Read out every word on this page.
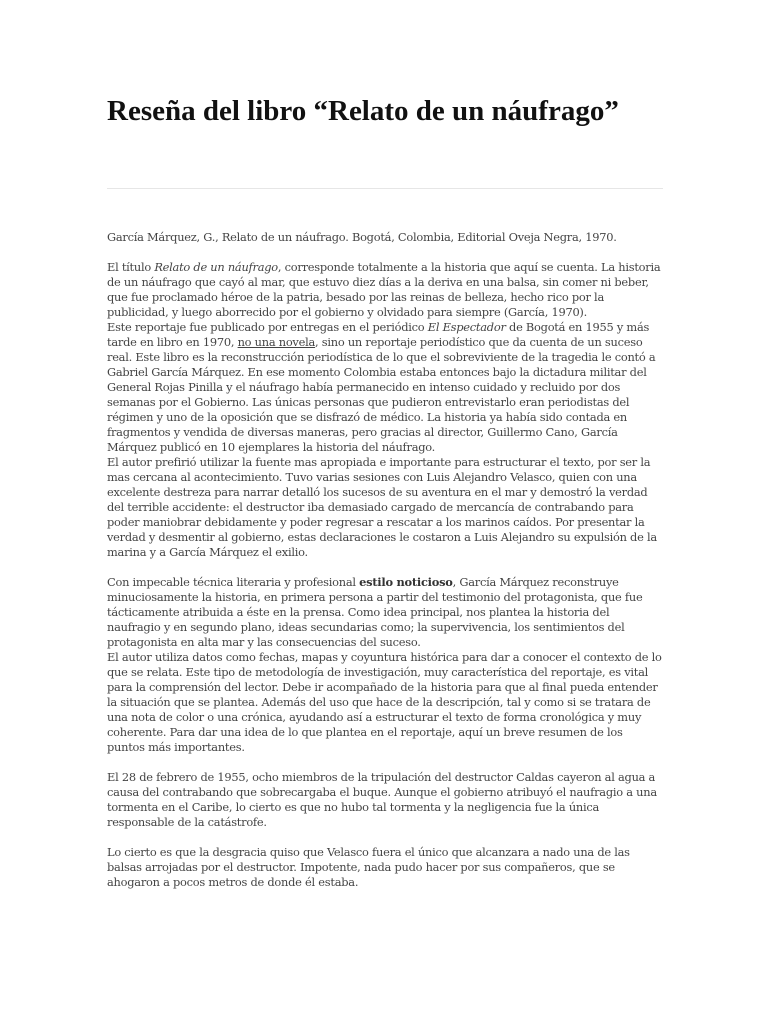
Reseña del libro “Relato de un náufrago”

García Márquez, G., Relato de un náufrago. Bogotá, Colombia, Editorial Oveja Negra, 1970.

El título Relato de un náufrago, corresponde totalmente a la historia que aquí se cuenta. La historia de un náufrago que cayó al mar, que estuvo diez días a la deriva en una balsa, sin comer ni beber, que fue proclamado héroe de la patria, besado por las reinas de belleza, hecho rico por la publicidad, y luego aborrecido por el gobierno y olvidado para siempre (García, 1970).

Este reportaje fue publicado por entregas en el periódico El Espectador de Bogotá en 1955 y más tarde en libro en 1970, no una novela, sino un reportaje periodístico que da cuenta de un suceso real. Este libro es la reconstrucción periodística de lo que el sobreviviente de la tragedia le contó a Gabriel García Márquez. En ese momento Colombia estaba entonces bajo la dictadura militar del General Rojas Pinilla y el náufrago había permanecido en intenso cuidado y recluido por dos semanas por el Gobierno. Las únicas personas que pudieron entrevistarlo eran periodistas del régimen y uno de la oposición que se disfrazó de médico. La historia ya había sido contada en fragmentos y vendida de diversas maneras, pero gracias al director, Guillermo Cano, García Márquez publicó en 10 ejemplares la historia del náufrago.

El autor prefirió utilizar la fuente mas apropiada e importante para estructurar el texto, por ser la mas cercana al acontecimiento. Tuvo varias sesiones con Luis Alejandro Velasco, quien con una excelente destreza para narrar detalló los sucesos de su aventura en el mar y demostró la verdad del terrible accidente: el destructor iba demasiado cargado de mercancía de contrabando para poder maniobrar debidamente y poder regresar a rescatar a los marinos caídos. Por presentar la verdad y desmentir al gobierno, estas declaraciones le costaron a Luis Alejandro su expulsión de la marina y a García Márquez el exilio.

Con impecable técnica literaria y profesional estilo noticioso, García Márquez reconstruye minuciosamente la historia, en primera persona a partir del testimonio del protagonista, que fue tácticamente atribuida a éste en la prensa. Como idea principal, nos plantea la historia del naufragio y en segundo plano, ideas secundarias como; la supervivencia, los sentimientos del protagonista en alta mar y las consecuencias del suceso.

El autor utiliza datos como fechas, mapas y coyuntura histórica para dar a conocer el contexto de lo que se relata. Este tipo de metodología de investigación, muy característica del reportaje, es vital para la comprensión del lector. Debe ir acompañado de la historia para que al final pueda entender la situación que se plantea. Además del uso que hace de la descripción, tal y como si se tratara de una nota de color o una crónica, ayudando así a estructurar el texto de forma cronológica y muy coherente. Para dar una idea de lo que plantea en el reportaje, aquí un breve resumen de los puntos más importantes.

El 28 de febrero de 1955, ocho miembros de la tripulación del destructor Caldas cayeron al agua a causa del contrabando que sobrecargaba el buque. Aunque el gobierno atribuyó el naufragio a una tormenta en el Caribe, lo cierto es que no hubo tal tormenta y la negligencia fue la única responsable de la catástrofe.

Lo cierto es que la desgracia quiso que Velasco fuera el único que alcanzara a nado una de las balsas arrojadas por el destructor. Impotente, nada pudo hacer por sus compañeros, que se ahogaron a pocos metros de donde él estaba.
